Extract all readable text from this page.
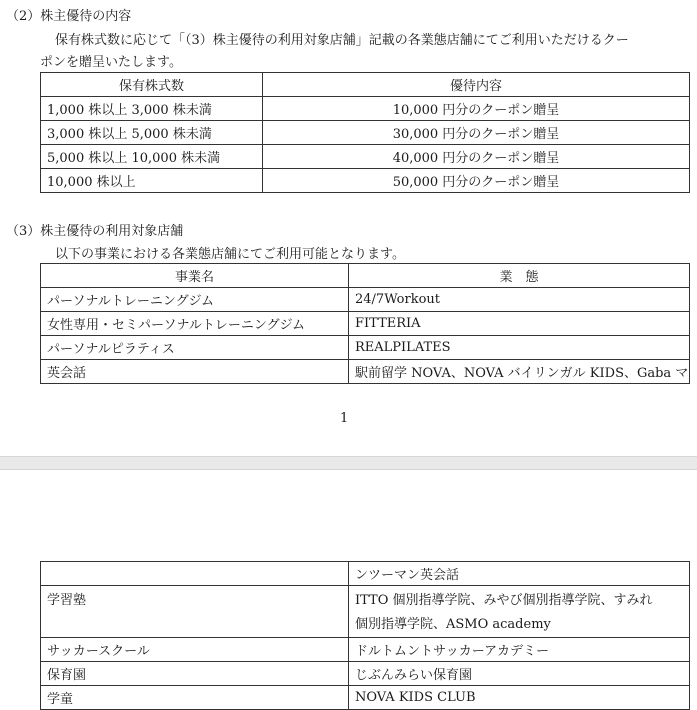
（2）株主優待の内容
保有株式数に応じて「（3）株主優待の利用対象店舗」記載の各業態店舗にてご利用いただけるクー
ポンを贈呈いたします。
保有株式数	優待内容
1,000 株以上 3,000 株未満	10,000 円分のクーポン贈呈
3,000 株以上 5,000 株未満	30,000 円分のクーポン贈呈
5,000 株以上 10,000 株未満	40,000 円分のクーポン贈呈
10,000 株以上	50,000 円分のクーポン贈呈
（3）株主優待の利用対象店舗
以下の事業における各業態店舗にてご利用可能となります。
事業名	業　態
パーソナルトレーニングジム	24/7Workout
女性専用・セミパーソナルトレーニングジム	FITTERIA
パーソナルピラティス	REALPILATES
英会話	駅前留学 NOVA、NOVA バイリンガル KIDS、Gaba マ
1
	ンツーマン英会話
学習塾	ITTO 個別指導学院、みやび個別指導学院、すみれ
個別指導学院、ASMO academy

サッカースクール	ドルトムントサッカーアカデミー
保育園	じぶんみらい保育園
学童	NOVA KIDS CLUB
